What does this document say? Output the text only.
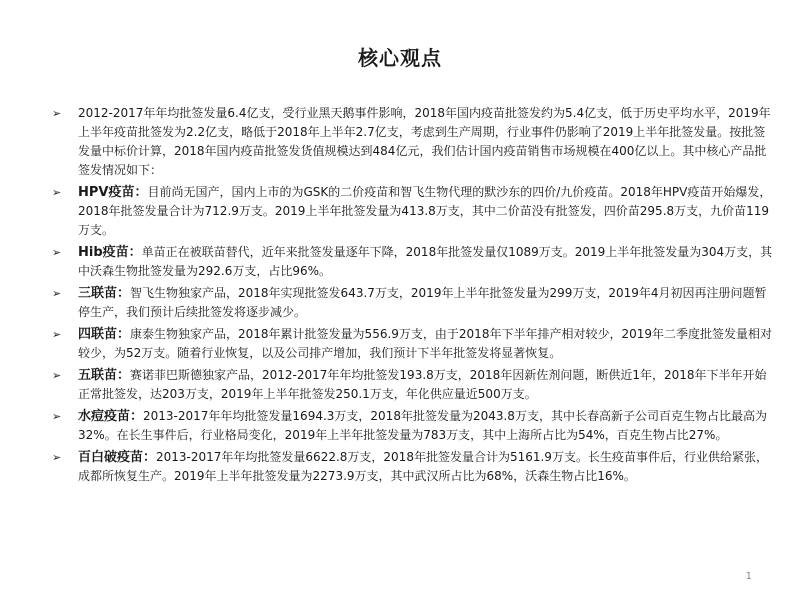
核心观点
➢ 2012-2017年年均批签发量6.4亿支，受行业黑天鹅事件影响，2018年国内疫苗批签发约为5.4亿支，低于历史平均水平，2019年上半年疫苗批签发为2.2亿支，略低于2018年上半年2.7亿支，考虑到生产周期，行业事件仍影响了2019上半年批签发量。按批签发量中标价计算，2018年国内疫苗批签发货值规模达到484亿元，我们估计国内疫苗销售市场规模在400亿以上。其中核心产品批签发情况如下：
➢ HPV疫苗：目前尚无国产，国内上市的为GSK的二价疫苗和智飞生物代理的默沙东的四价/九价疫苗。2018年HPV疫苗开始爆发，2018年批签发量合计为712.9万支。2019上半年批签发量为413.8万支，其中二价苗没有批签发，四价苗295.8万支，九价苗119万支。
➢ Hib疫苗：单苗正在被联苗替代，近年来批签发量逐年下降，2018年批签发量仅1089万支。2019上半年批签发量为304万支，其中沃森生物批签发量为292.6万支，占比96%。
➢ 三联苗：智飞生物独家产品，2018年实现批签发643.7万支，2019年上半年批签发量为299万支，2019年4月初因再注册问题暂停生产，我们预计后续批签发将逐步减少。
➢ 四联苗：康泰生物独家产品，2018年累计批签发量为556.9万支，由于2018年下半年排产相对较少，2019年二季度批签发量相对较少，为52万支。随着行业恢复，以及公司排产增加，我们预计下半年批签发将显著恢复。
➢ 五联苗：赛诺菲巴斯德独家产品，2012-2017年年均批签发193.8万支，2018年因新佐剂问题，断供近1年，2018年下半年开始正常批签发，达203万支，2019年上半年批签发250.1万支，年化供应量近500万支。
➢ 水痘疫苗：2013-2017年年均批签发量1694.3万支，2018年批签发量为2043.8万支，其中长春高新子公司百克生物占比最高为32%。在长生事件后，行业格局变化，2019年上半年批签发量为783万支，其中上海所占比为54%，百克生物占比27%。
➢ 百白破疫苗：2013-2017年年均批签发量6622.8万支，2018年批签发量合计为5161.9万支。长生疫苗事件后，行业供给紧张，成都所恢复生产。2019年上半年批签发量为2273.9万支，其中武汉所占比为68%，沃森生物占比16%。
1
